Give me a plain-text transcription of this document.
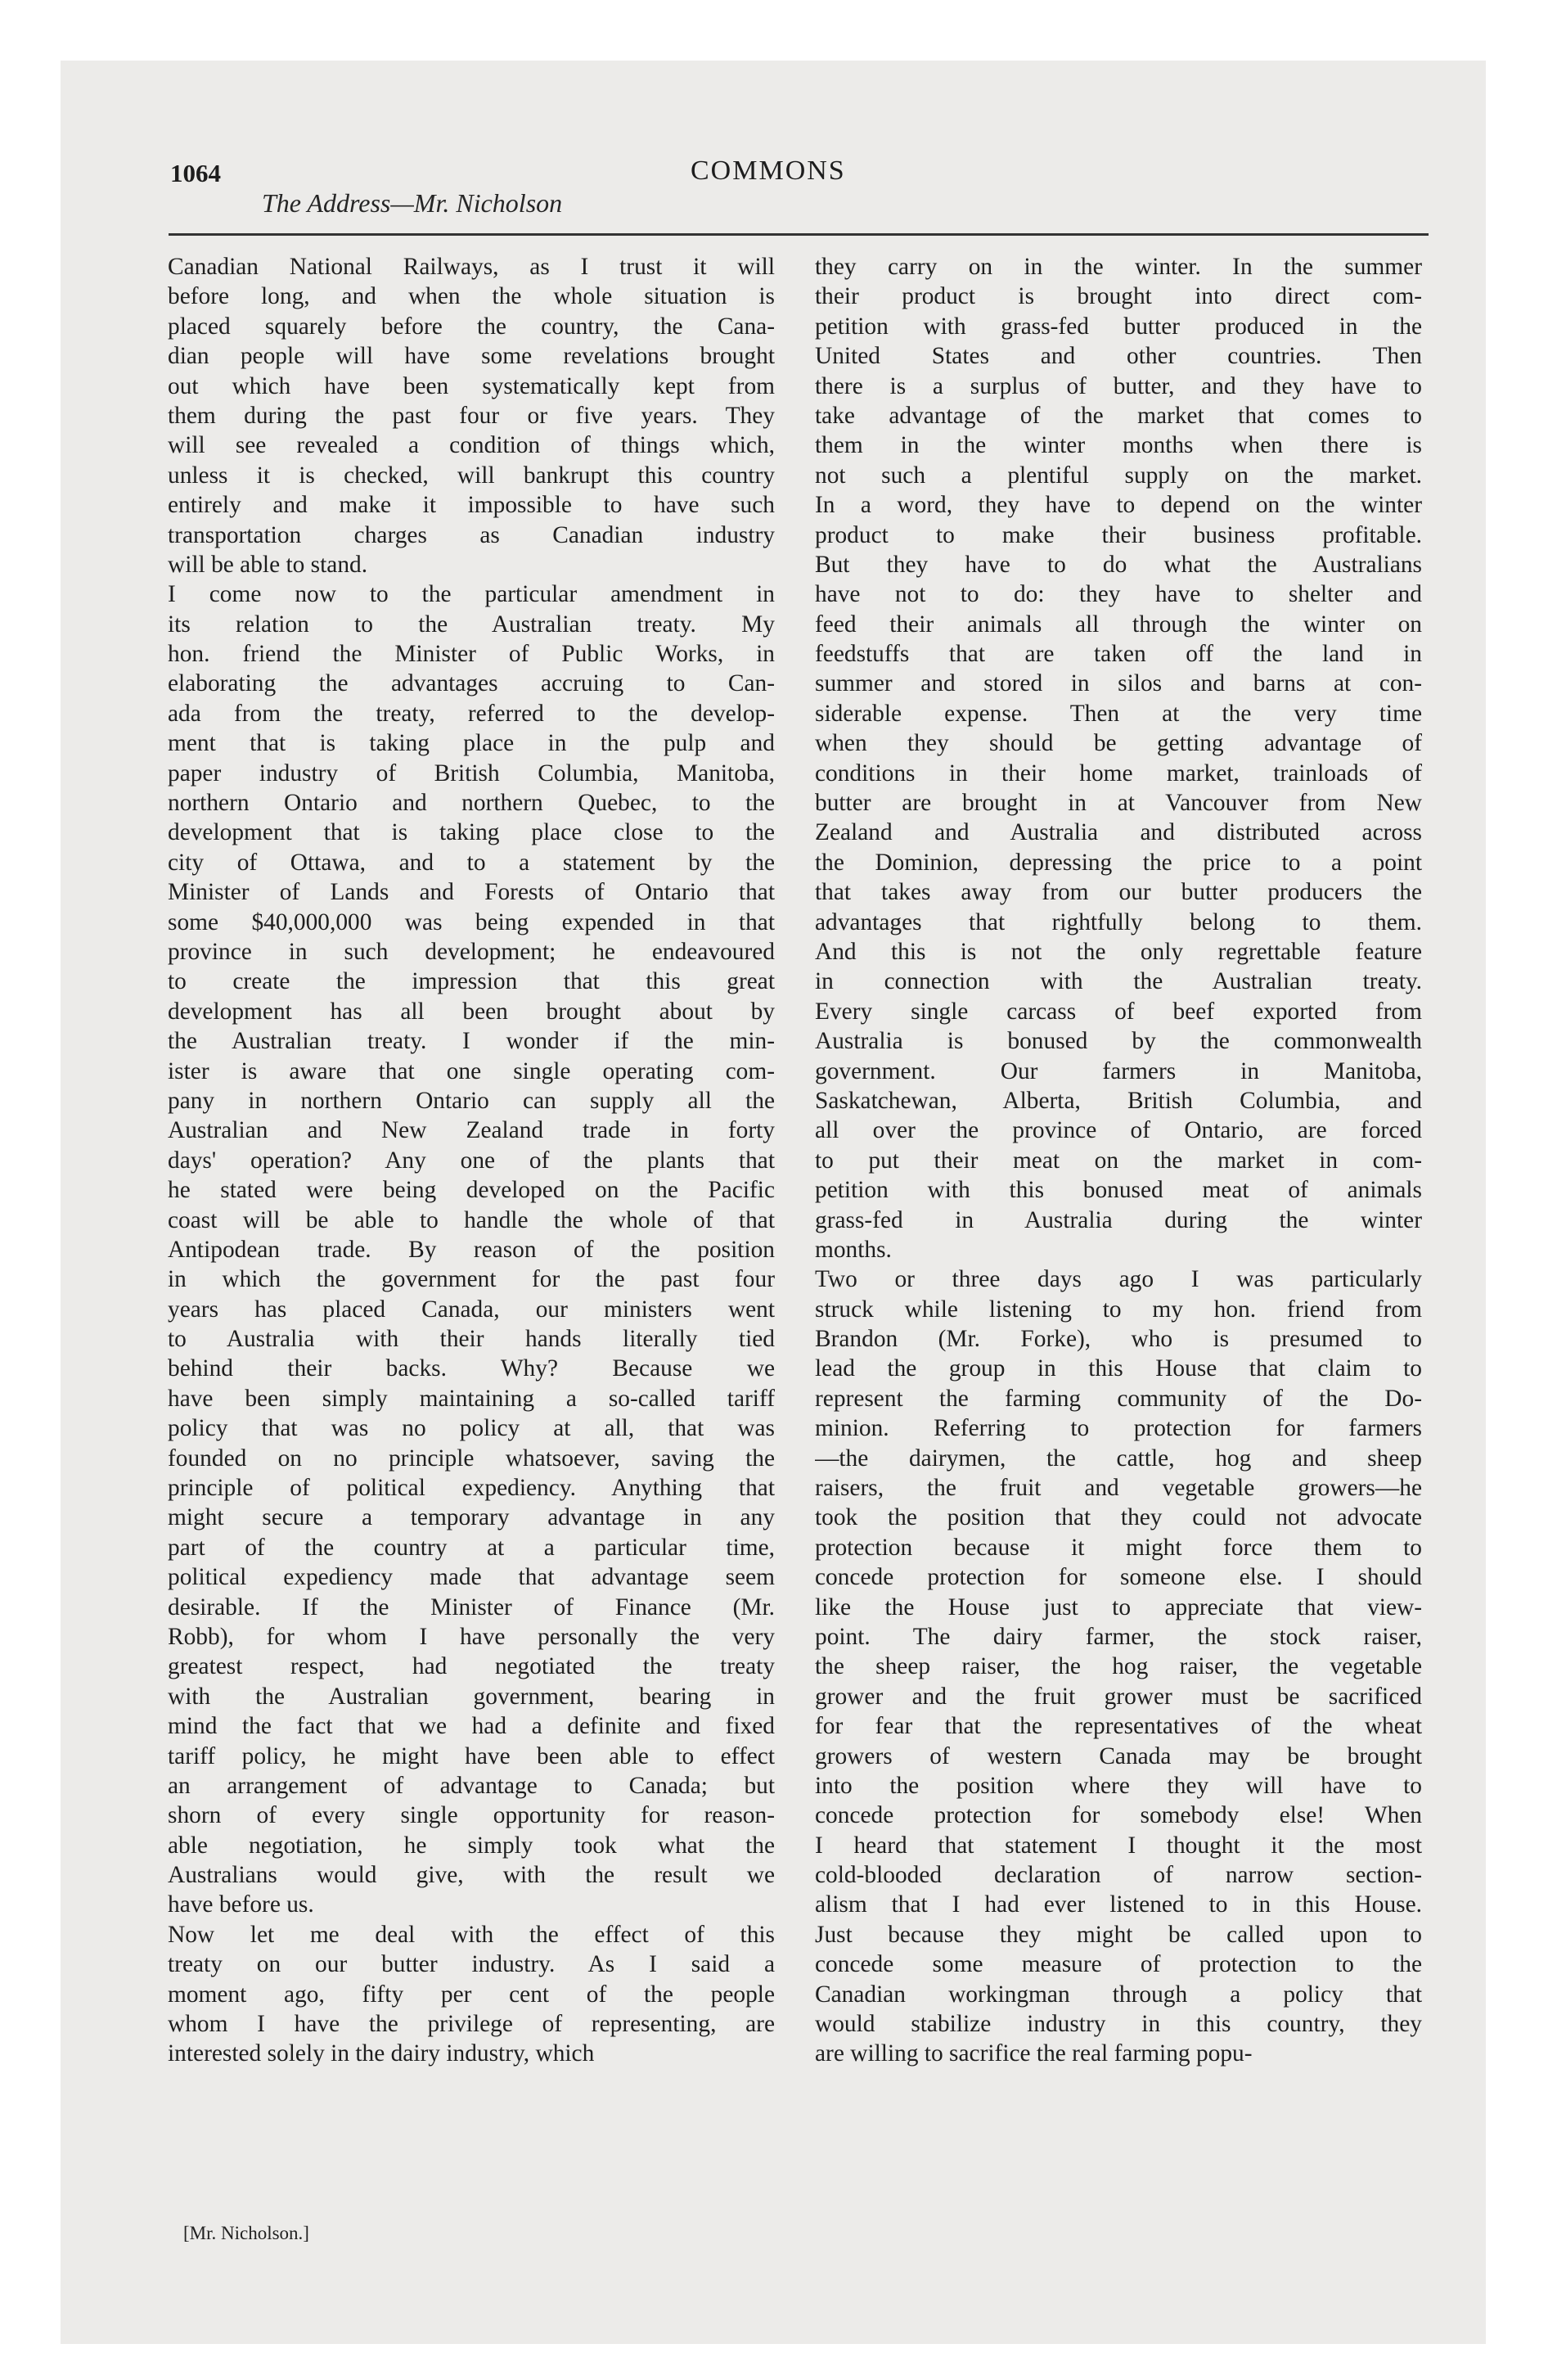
1064	COMMONS
The Address—Mr. Nicholson
Canadian National Railways, as I trust it will
before long, and when the whole situation is
placed squarely before the country, the Cana-
dian people will have some revelations brought
out which have been systematically kept from
them during the past four or five years. They
will see revealed a condition of things which,
unless it is checked, will bankrupt this country
entirely and make it impossible to have such
transportation charges as Canadian industry
will be able to stand.
I come now to the particular amendment in
its relation to the Australian treaty. My
hon. friend the Minister of Public Works, in
elaborating the advantages accruing to Can-
ada from the treaty, referred to the develop-
ment that is taking place in the pulp and
paper industry of British Columbia, Manitoba,
northern Ontario and northern Quebec, to the
development that is taking place close to the
city of Ottawa, and to a statement by the
Minister of Lands and Forests of Ontario that
some $40,000,000 was being expended in that
province in such development; he endeavoured
to create the impression that this great
development has all been brought about by
the Australian treaty. I wonder if the min-
ister is aware that one single operating com-
pany in northern Ontario can supply all the
Australian and New Zealand trade in forty
days' operation? Any one of the plants that
he stated were being developed on the Pacific
coast will be able to handle the whole of that
Antipodean trade. By reason of the position
in which the government for the past four
years has placed Canada, our ministers went
to Australia with their hands literally tied
behind their backs. Why? Because we
have been simply maintaining a so-called tariff
policy that was no policy at all, that was
founded on no principle whatsoever, saving the
principle of political expediency. Anything that
might secure a temporary advantage in any
part of the country at a particular time,
political expediency made that advantage seem
desirable. If the Minister of Finance (Mr.
Robb), for whom I have personally the very
greatest respect, had negotiated the treaty
with the Australian government, bearing in
mind the fact that we had a definite and fixed
tariff policy, he might have been able to effect
an arrangement of advantage to Canada; but
shorn of every single opportunity for reason-
able negotiation, he simply took what the
Australians would give, with the result we
have before us.
Now let me deal with the effect of this
treaty on our butter industry. As I said a
moment ago, fifty per cent of the people
whom I have the privilege of representing, are
interested solely in the dairy industry, which
they carry on in the winter. In the summer
their product is brought into direct com-
petition with grass-fed butter produced in the
United States and other countries. Then
there is a surplus of butter, and they have to
take advantage of the market that comes to
them in the winter months when there is
not such a plentiful supply on the market.
In a word, they have to depend on the winter
product to make their business profitable.
But they have to do what the Australians
have not to do: they have to shelter and
feed their animals all through the winter on
feedstuffs that are taken off the land in
summer and stored in silos and barns at con-
siderable expense. Then at the very time
when they should be getting advantage of
conditions in their home market, trainloads of
butter are brought in at Vancouver from New
Zealand and Australia and distributed across
the Dominion, depressing the price to a point
that takes away from our butter producers the
advantages that rightfully belong to them.
And this is not the only regrettable feature
in connection with the Australian treaty.
Every single carcass of beef exported from
Australia is bonused by the commonwealth
government. Our farmers in Manitoba,
Saskatchewan, Alberta, British Columbia, and
all over the province of Ontario, are forced
to put their meat on the market in com-
petition with this bonused meat of animals
grass-fed in Australia during the winter
months.
Two or three days ago I was particularly
struck while listening to my hon. friend from
Brandon (Mr. Forke), who is presumed to
lead the group in this House that claim to
represent the farming community of the Do-
minion. Referring to protection for farmers
—the dairymen, the cattle, hog and sheep
raisers, the fruit and vegetable growers—he
took the position that they could not advocate
protection because it might force them to
concede protection for someone else. I should
like the House just to appreciate that view-
point. The dairy farmer, the stock raiser,
the sheep raiser, the hog raiser, the vegetable
grower and the fruit grower must be sacrificed
for fear that the representatives of the wheat
growers of western Canada may be brought
into the position where they will have to
concede protection for somebody else! When
I heard that statement I thought it the most
cold-blooded declaration of narrow section-
alism that I had ever listened to in this House.
Just because they might be called upon to
concede some measure of protection to the
Canadian workingman through a policy that
would stabilize industry in this country, they
are willing to sacrifice the real farming popu-
[Mr. Nicholson.]
